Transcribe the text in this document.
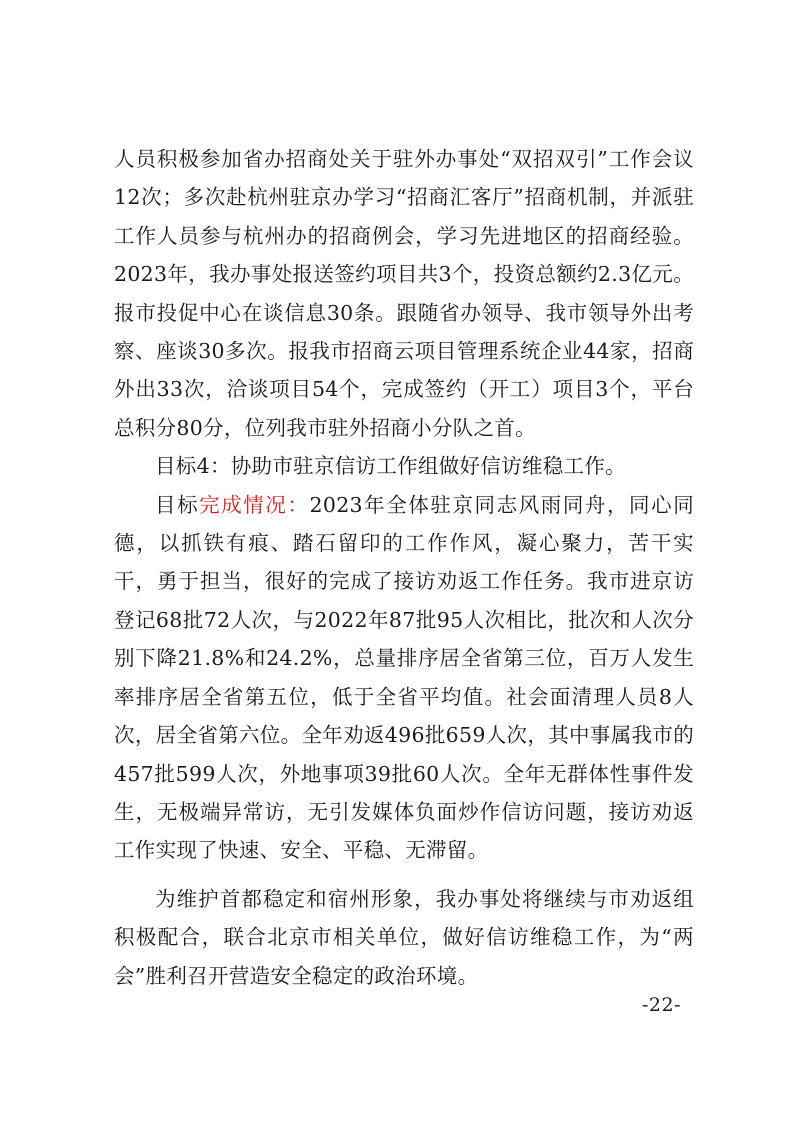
人员积极参加省办招商处关于驻外办事处“双招双引”工作会议12次；多次赴杭州驻京办学习“招商汇客厅”招商机制，并派驻工作人员参与杭州办的招商例会，学习先进地区的招商经验。2023年，我办事处报送签约项目共3个，投资总额约2.3亿元。报市投促中心在谈信息30条。跟随省办领导、我市领导外出考察、座谈30多次。报我市招商云项目管理系统企业44家，招商外出33次，洽谈项目54个，完成签约（开工）项目3个，平台总积分80分，位列我市驻外招商小分队之首。

目标4：协助市驻京信访工作组做好信访维稳工作。

目标完成情况：2023年全体驻京同志风雨同舟，同心同德，以抓铁有痕、踏石留印的工作作风，凝心聚力，苦干实干，勇于担当，很好的完成了接访劝返工作任务。我市进京访登记68批72人次，与2022年87批95人次相比，批次和人次分别下降21.8%和24.2%，总量排序居全省第三位，百万人发生率排序居全省第五位，低于全省平均值。社会面清理人员8人次，居全省第六位。全年劝返496批659人次，其中事属我市的457批599人次，外地事项39批60人次。全年无群体性事件发生，无极端异常访，无引发媒体负面炒作信访问题，接访劝返工作实现了快速、安全、平稳、无滞留。

为维护首都稳定和宿州形象，我办事处将继续与市劝返组积极配合，联合北京市相关单位，做好信访维稳工作，为“两会”胜利召开营造安全稳定的政治环境。

-22-
